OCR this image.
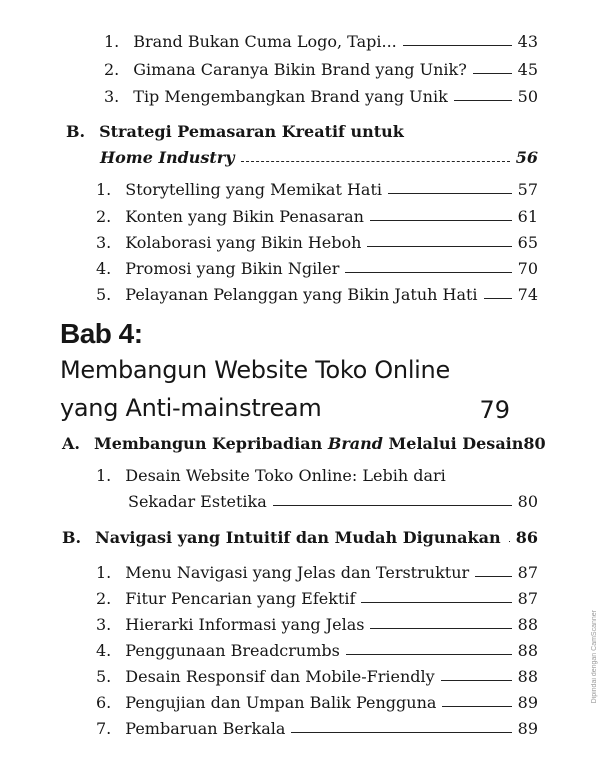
1. Brand Bukan Cuma Logo, Tapi...	43
2. Gimana Caranya Bikin Brand yang Unik?	45
3. Tip Mengembangkan Brand yang Unik	50
B. Strategi Pemasaran Kreatif untuk
Home Industry	56
1. Storytelling yang Memikat Hati	57
2. Konten yang Bikin Penasaran	61
3. Kolaborasi yang Bikin Heboh	65
4. Promosi yang Bikin Ngiler	70
5. Pelayanan Pelanggan yang Bikin Jatuh Hati	74
Bab 4:
Membangun Website Toko Online
yang Anti-mainstream	79
A. Membangun Kepribadian Brand Melalui Desain 80
1. Desain Website Toko Online: Lebih dari
Sekadar Estetika	80
B. Navigasi yang Intuitif dan Mudah Digunakan 86
1. Menu Navigasi yang Jelas dan Terstruktur	87
2. Fitur Pencarian yang Efektif	87
3. Hierarki Informasi yang Jelas	88
4. Penggunaan Breadcrumbs	88
5. Desain Responsif dan Mobile-Friendly	88
6. Pengujian dan Umpan Balik Pengguna	89
7. Pembaruan Berkala	89
Dipindai dengan CamScanner
